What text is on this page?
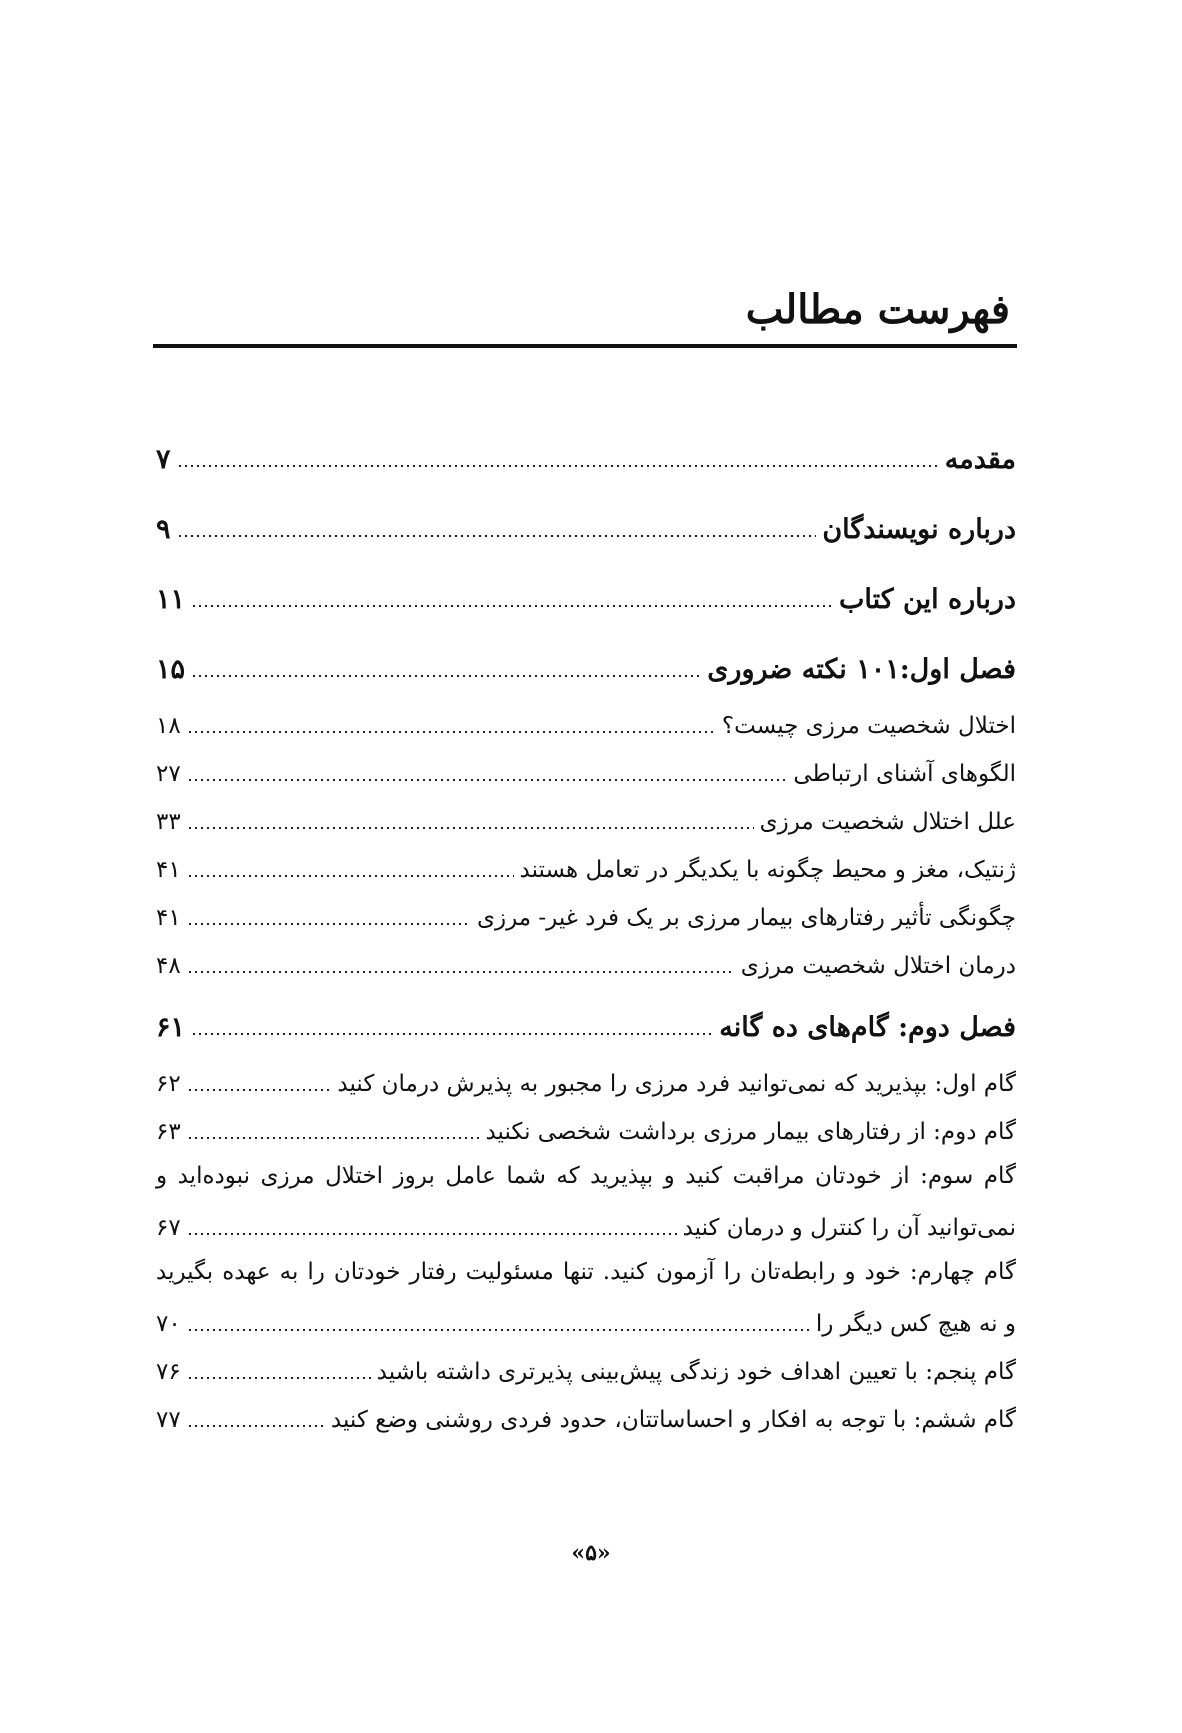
فهرست مطالب
مقدمه
۷
درباره نویسندگان
۹
درباره این کتاب
۱۱
فصل اول:۱۰۱ نکته ضروری
۱۵
اختلال شخصیت مرزی چیست؟
۱۸
الگوهای آشنای ارتباطی
۲۷
علل اختلال شخصیت مرزی
۳۳
ژنتیک، مغز و محیط چگونه با یکدیگر در تعامل هستند
۴۱
چگونگی تأثیر رفتارهای بیمار مرزی بر یک فرد غیر- مرزی
۴۱
درمان اختلال شخصیت مرزی
۴۸
فصل دوم: گام‌های ده گانه
۶۱
گام اول: بپذیرید که نمی‌توانید فرد مرزی را مجبور به پذیرش درمان کنید
۶۲
گام دوم: از رفتارهای بیمار مرزی برداشت شخصی نکنید
۶۳
گام سوم: از خودتان مراقبت کنید و بپذیرید که شما عامل بروز اختلال مرزی نبوده‌اید و
نمی‌توانید آن را کنترل و درمان کنید
۶۷
گام چهارم: خود و رابطه‌تان را آزمون کنید. تنها مسئولیت رفتار خودتان را به عهده بگیرید
و نه هیچ کس دیگر را
۷۰
گام پنجم: با تعیین اهداف خود زندگی پیش‌بینی پذیرتری داشته باشید
۷۶
گام ششم: با توجه به افکار و احساساتتان، حدود فردی روشنی وضع کنید
۷۷
«۵»
